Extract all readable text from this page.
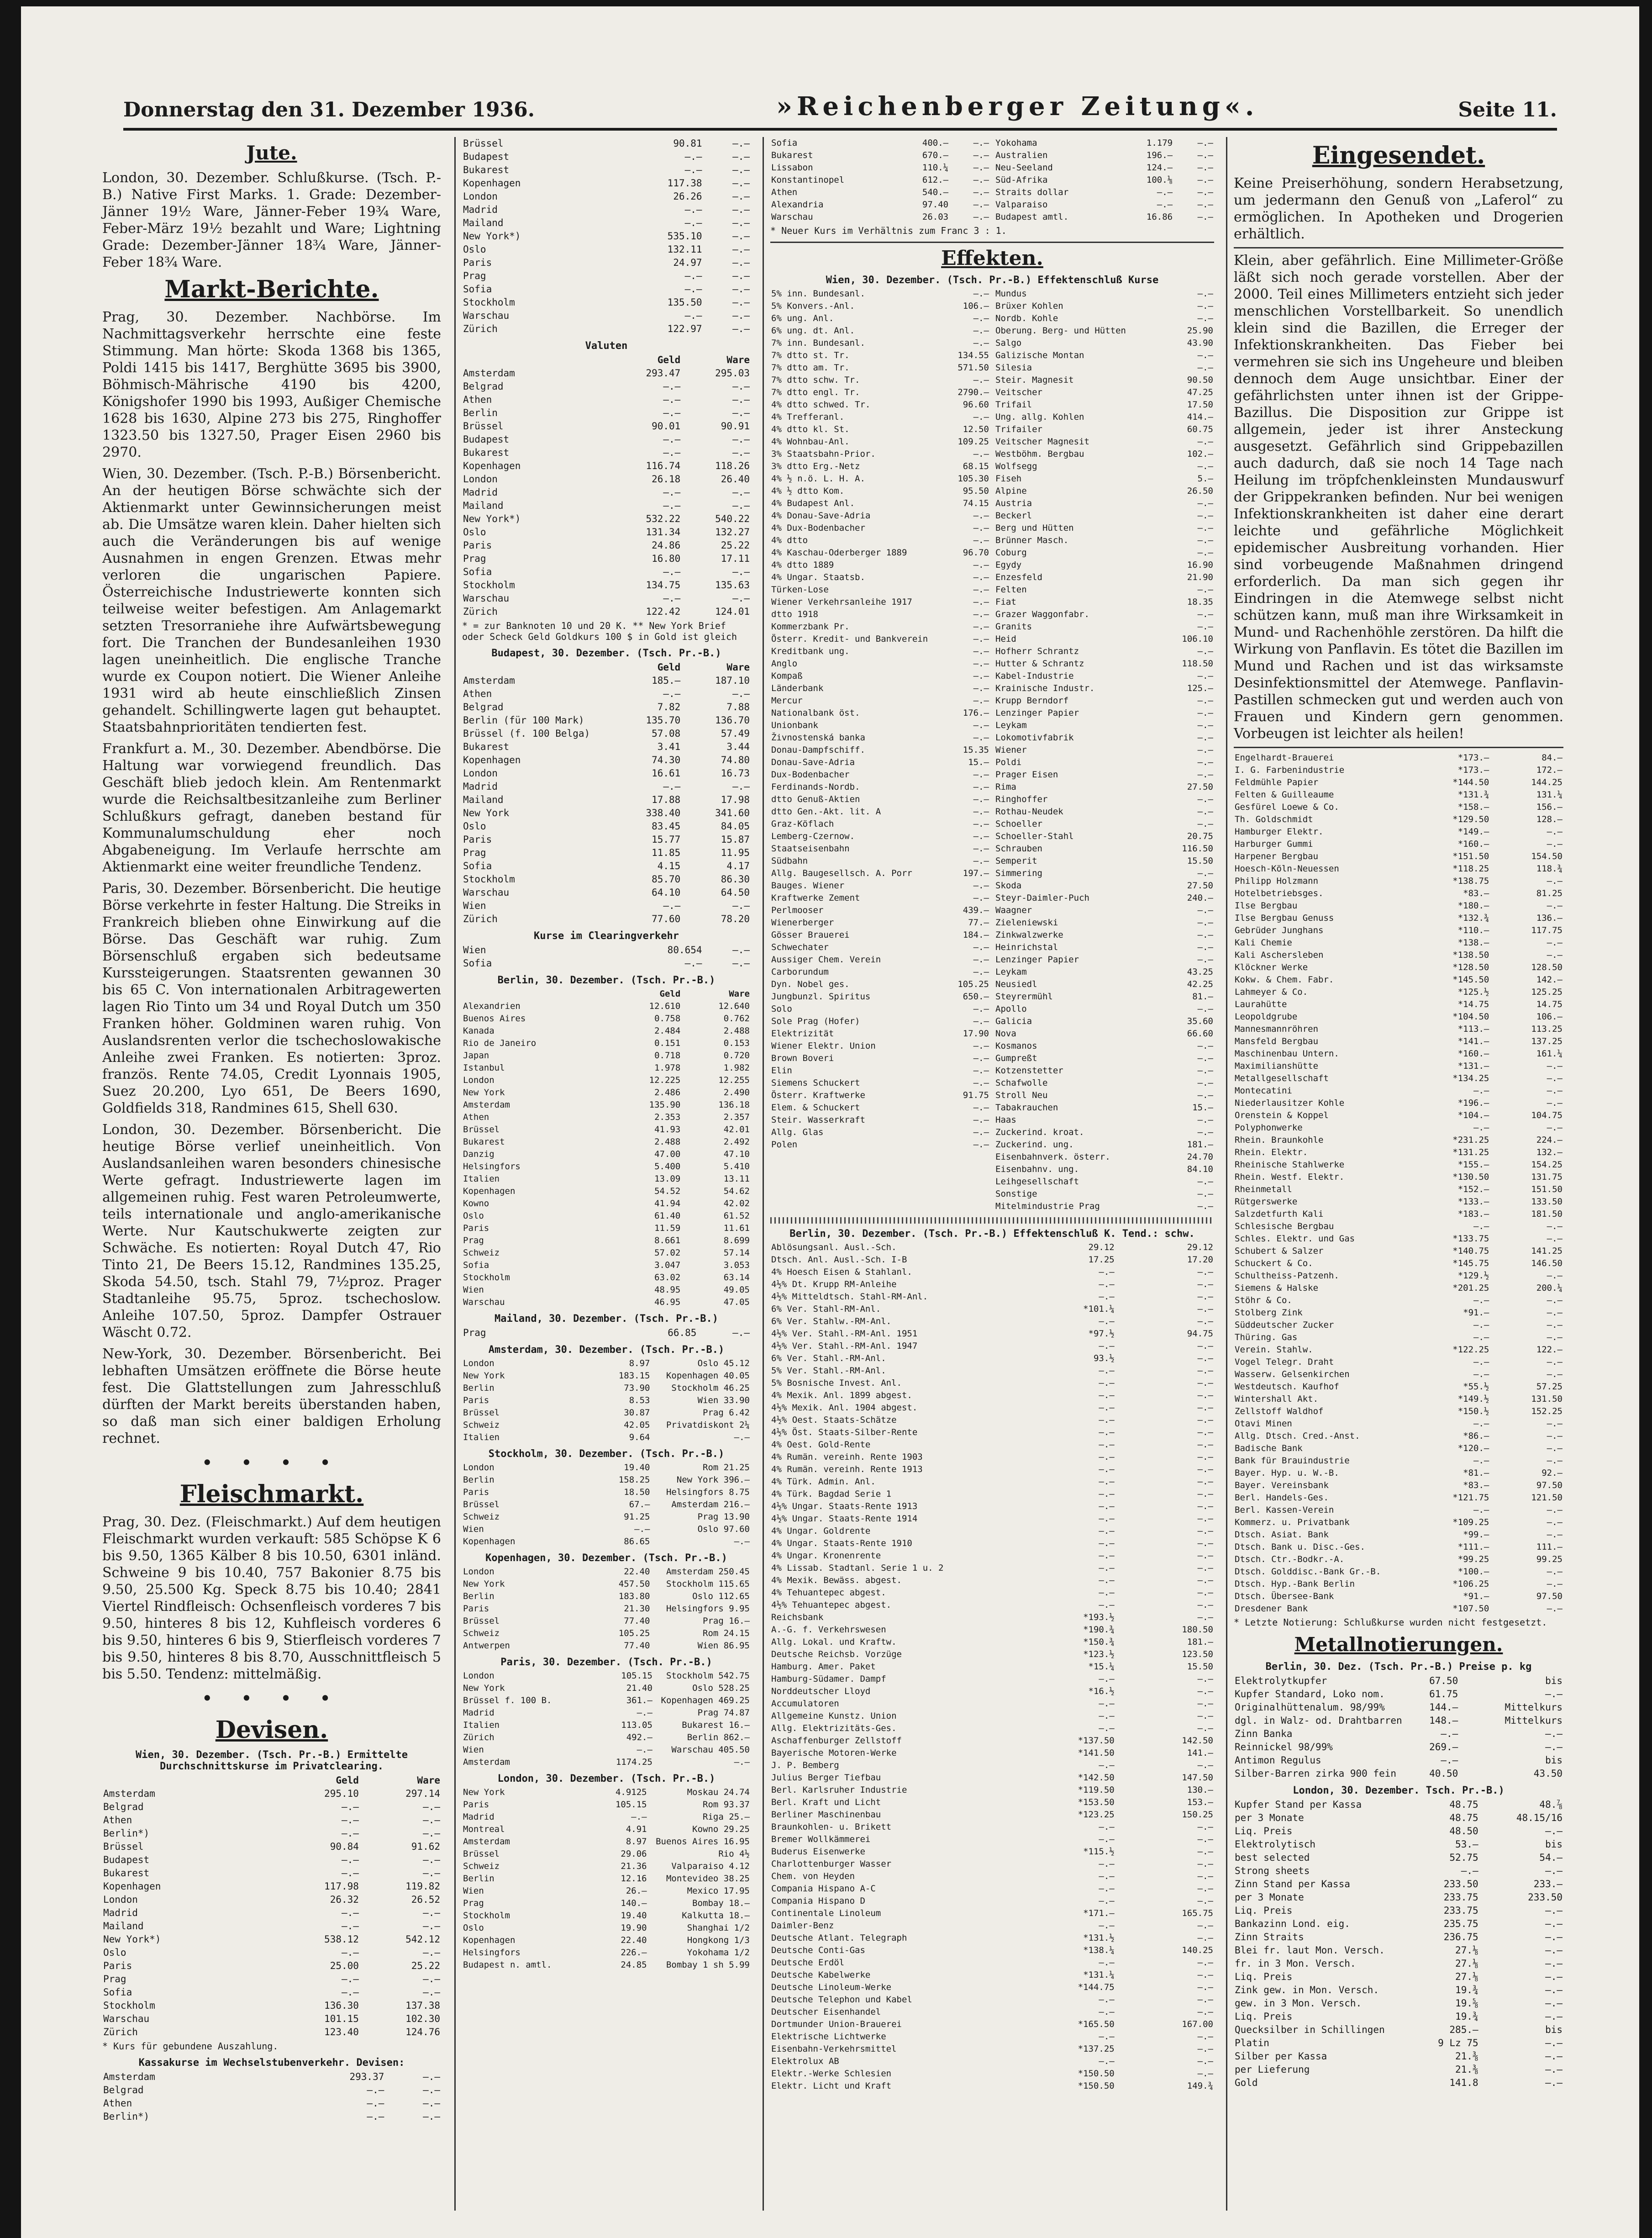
Donnerstag den 31. Dezember 1936.	»Reichenberger Zeitung«.	Seite 11.
Jute.

London, 30. Dezember. Schlußkurse. (Tsch. P.-B.) Native First Marks. 1. Grade: Dezember-Jänner 19½ Ware, Jänner-Feber 19¾ Ware, Feber-März 19½ bezahlt und Ware; Lightning Grade: Dezember-Jänner 18¾ Ware, Jänner-Feber 18¾ Ware.

Markt-Berichte.

Prag, 30. Dezember. Nachbörse. Im Nachmittagsverkehr herrschte eine feste Stimmung. Man hörte: Skoda 1368 bis 1365, Poldi 1415 bis 1417, Berghütte 3695 bis 3900, Böhmisch-Mährische 4190 bis 4200, Königshofer 1990 bis 1993, Außiger Chemische 1628 bis 1630, Alpine 273 bis 275, Ringhoffer 1323.50 bis 1327.50, Prager Eisen 2960 bis 2970.

Wien, 30. Dezember. (Tsch. P.-B.) Börsenbericht. An der heutigen Börse schwächte sich der Aktienmarkt unter Gewinnsicherungen meist ab. Die Umsätze waren klein. Daher hielten sich auch die Veränderungen bis auf wenige Ausnahmen in engen Grenzen. Etwas mehr verloren die ungarischen Papiere. Österreichische Industriewerte konnten sich teilweise weiter befestigen. Am Anlagemarkt setzten Tresorraniehe ihre Aufwärtsbewegung fort. Die Tranchen der Bundesanleihen 1930 lagen uneinheitlich. Die englische Tranche wurde ex Coupon notiert. Die Wiener Anleihe 1931 wird ab heute einschließlich Zinsen gehandelt. Schillingwerte lagen gut behauptet. Staatsbahnprioritäten tendierten fest.

Frankfurt a. M., 30. Dezember. Abendbörse. Die Haltung war vorwiegend freundlich. Das Geschäft blieb jedoch klein. Am Rentenmarkt wurde die Reichsaltbesitzanleihe zum Berliner Schlußkurs gefragt, daneben bestand für Kommunalumschuldung eher noch Abgabeneigung. Im Verlaufe herrschte am Aktienmarkt eine weiter freundliche Tendenz.

Paris, 30. Dezember. Börsenbericht. Die heutige Börse verkehrte in fester Haltung. Die Streiks in Frankreich blieben ohne Einwirkung auf die Börse. Das Geschäft war ruhig. Zum Börsenschluß ergaben sich bedeutsame Kurssteigerungen. Staatsrenten gewannen 30 bis 65 C. Von internationalen Arbitragewerten lagen Rio Tinto um 34 und Royal Dutch um 350 Franken höher. Goldminen waren ruhig. Von Auslandsrenten verlor die tschechoslowakische Anleihe zwei Franken. Es notierten: 3proz. französ. Rente 74.05, Credit Lyonnais 1905, Suez 20.200, Lyo 651, De Beers 1690, Goldfields 318, Randmines 615, Shell 630.

London, 30. Dezember. Börsenbericht. Die heutige Börse verlief uneinheitlich. Von Auslandsanleihen waren besonders chinesische Werte gefragt. Industriewerte lagen im allgemeinen ruhig. Fest waren Petroleumwerte, teils internationale und anglo-amerikanische Werte. Nur Kautschukwerte zeigten zur Schwäche. Es notierten: Royal Dutch 47, Rio Tinto 21, De Beers 15.12, Randmines 135.25, Skoda 54.50, tsch. Stahl 79, 7½proz. Prager Stadtanleihe 95.75, 5proz. tschechoslow. Anleihe 107.50, 5proz. Dampfer Ostrauer Wäscht 0.72.

New-York, 30. Dezember. Börsenbericht. Bei lebhaften Umsätzen eröffnete die Börse heute fest. Die Glattstellungen zum Jahresschluß dürften der Markt bereits überstanden haben, so daß man sich einer baldigen Erholung rechnet.

• • • •
Fleischmarkt.

Prag, 30. Dez. (Fleischmarkt.) Auf dem heutigen Fleischmarkt wurden verkauft: 585 Schöpse K 6 bis 9.50, 1365 Kälber 8 bis 10.50, 6301 inländ. Schweine 9 bis 10.40, 757 Bakonier 8.75 bis 9.50, 25.500 Kg. Speck 8.75 bis 10.40; 2841 Viertel Rindfleisch: Ochsenfleisch vorderes 7 bis 9.50, hinteres 8 bis 12, Kuhfleisch vorderes 6 bis 9.50, hinteres 6 bis 9, Stierfleisch vorderes 7 bis 9.50, hinteres 8 bis 8.70, Ausschnittfleisch 5 bis 5.50. Tendenz: mittelmäßig.

• • • •
Devisen.
Wien, 30. Dezember. (Tsch. Pr.-B.) Ermittelte Durchschnittskurse im Privatclearing.
	Geld	Ware
Amsterdam	295.10	297.14
Belgrad	—.—	—.—
Athen	—.—	—.—
Berlin*)	—.—	—.—
Brüssel	90.84	91.62
Budapest	—.—	—.—
Bukarest	—.—	—.—
Kopenhagen	117.98	119.82
London	26.32	26.52
Madrid	—.—	—.—
Mailand	—.—	—.—
New York*)	538.12	542.12
Oslo	—.—	—.—
Paris	25.00	25.22
Prag	—.—	—.—
Sofia	—.—	—.—
Stockholm	136.30	137.38
Warschau	101.15	102.30
Zürich	123.40	124.76
* Kurs für gebundene Auszahlung.
Kassakurse im Wechselstubenverkehr. Devisen:
Amsterdam	293.37	—.—
Belgrad	—.—	—.—
Athen	—.—	—.—
Berlin*)	—.—	—.—
Brüssel	90.81	—.—
Budapest	—.—	—.—
Bukarest	—.—	—.—
Kopenhagen	117.38	—.—
London	26.26	—.—
Madrid	—.—	—.—
Mailand	—.—	—.—
New York*)	535.10	—.—
Oslo	132.11	—.—
Paris	24.97	—.—
Prag	—.—	—.—
Sofia	—.—	—.—
Stockholm	135.50	—.—
Warschau	—.—	—.—
Zürich	122.97	—.—
Valuten
	Geld	Ware
Amsterdam	293.47	295.03
Belgrad	—.—	—.—
Athen	—.—	—.—
Berlin	—.—	—.—
Brüssel	90.01	90.91
Budapest	—.—	—.—
Bukarest	—.—	—.—
Kopenhagen	116.74	118.26
London	26.18	26.40
Madrid	—.—	—.—
Mailand	—.—	—.—
New York*)	532.22	540.22
Oslo	131.34	132.27
Paris	24.86	25.22
Prag	16.80	17.11
Sofia	—.—	—.—
Stockholm	134.75	135.63
Warschau	—.—	—.—
Zürich	122.42	124.01
* = zur Banknoten 10 und 20 K. ** New York Brief oder Scheck Geld Goldkurs 100 $ in Gold ist gleich
Budapest, 30. Dezember. (Tsch. Pr.-B.)
	Geld	Ware
Amsterdam	185.—	187.10
Athen	—.—	—.—
Belgrad	7.82	7.88
Berlin (für 100 Mark)	135.70	136.70
Brüssel (f. 100 Belga)	57.08	57.49
Bukarest	3.41	3.44
Kopenhagen	74.30	74.80
London	16.61	16.73
Madrid	—.—	—.—
Mailand	17.88	17.98
New York	338.40	341.60
Oslo	83.45	84.05
Paris	15.77	15.87
Prag	11.85	11.95
Sofia	4.15	4.17
Stockholm	85.70	86.30
Warschau	64.10	64.50
Wien	—.—	—.—
Zürich	77.60	78.20
Kurse im Clearingverkehr
Wien	80.654	—.—
Sofia	—.—	—.—
Berlin, 30. Dezember. (Tsch. Pr.-B.)
	Geld	Ware
Alexandrien	12.610	12.640
Buenos Aires	0.758	0.762
Kanada	2.484	2.488
Rio de Janeiro	0.151	0.153
Japan	0.718	0.720
Istanbul	1.978	1.982
London	12.225	12.255
New York	2.486	2.490
Amsterdam	135.90	136.18
Athen	2.353	2.357
Brüssel	41.93	42.01
Bukarest	2.488	2.492
Danzig	47.00	47.10
Helsingfors	5.400	5.410
Italien	13.09	13.11
Kopenhagen	54.52	54.62
Kowno	41.94	42.02
Oslo	61.40	61.52
Paris	11.59	11.61
Prag	8.661	8.699
Schweiz	57.02	57.14
Sofia	3.047	3.053
Stockholm	63.02	63.14
Wien	48.95	49.05
Warschau	46.95	47.05
Mailand, 30. Dezember. (Tsch. Pr.-B.)
Prag	66.85	—.—
Amsterdam, 30. Dezember. (Tsch. Pr.-B.)
London	8.97	Oslo 45.12
New York	183.15	Kopenhagen 40.05
Berlin	73.90	Stockholm 46.25
Paris	8.53	Wien 33.90
Brüssel	30.87	Prag 6.42
Schweiz	42.05	Privatdiskont 2¼
Italien	9.64	—.—
Stockholm, 30. Dezember. (Tsch. Pr.-B.)
London	19.40	Rom 21.25
Berlin	158.25	New York 396.—
Paris	18.50	Helsingfors 8.75
Brüssel	67.—	Amsterdam 216.—
Schweiz	91.25	Prag 13.90
Wien	—.—	Oslo 97.60
Kopenhagen	86.65	—.—
Kopenhagen, 30. Dezember. (Tsch. Pr.-B.)
London	22.40	Amsterdam 250.45
New York	457.50	Stockholm 115.65
Berlin	183.80	Oslo 112.65
Paris	21.30	Helsingfors 9.95
Brüssel	77.40	Prag 16.—
Schweiz	105.25	Rom 24.15
Antwerpen	77.40	Wien 86.95
Paris, 30. Dezember. (Tsch. Pr.-B.)
London	105.15	Stockholm 542.75
New York	21.40	Oslo 528.25
Brüssel f. 100 B.	361.—	Kopenhagen 469.25
Madrid	—.—	Prag 74.87
Italien	113.05	Bukarest 16.—
Zürich	492.—	Berlin 862.—
Wien	—.—	Warschau 405.50
Amsterdam	1174.25	—.—
London, 30. Dezember. (Tsch. Pr.-B.)
New York	4.9125	Moskau 24.74
Paris	105.15	Rom 93.37
Madrid	—.—	Riga 25.—
Montreal	4.91	Kowno 29.25
Amsterdam	8.97	Buenos Aires 16.95
Brüssel	29.06	Rio 4½
Schweiz	21.36	Valparaiso 4.12
Berlin	12.16	Montevideo 38.25
Wien	26.—	Mexico 17.95
Prag	140.—	Bombay 18.—
Stockholm	19.40	Kalkutta 18.—
Oslo	19.90	Shanghai 1/2
Kopenhagen	22.40	Hongkong 1/3
Helsingfors	226.—	Yokohama 1/2
Budapest n. amtl.	24.85	Bombay 1 sh 5.99
Sofia	400.—	—.—
Bukarest	670.—	—.—
Lissabon	110.¼	—.—
Konstantinopel	612.—	—.—
Athen	540.—	—.—
Alexandria	97.40	—.—
Warschau	26.03	—.—
Yokohama	1.179	—.—
Australien	196.—	—.—
Neu-Seeland	124.—	—.—
Süd-Afrika	100.⅛	—.—
Straits dollar	—.—	—.—
Valparaiso	—.—	—.—
Budapest amtl.	16.86	—.—
* Neuer Kurs im Verhältnis zum Franc 3 : 1.
Effekten.
Wien, 30. Dezember. (Tsch. Pr.-B.) Effektenschluß Kurse
5% inn. Bundesanl.	—.—
5% Konvers.-Anl.	106.—
6% ung. Anl.	—.—
6% ung. dt. Anl.	—.—
7% inn. Bundesanl.	—.—
7% dtto st. Tr.	134.55
7% dtto am. Tr.	571.50
7% dtto schw. Tr.	—.—
7% dtto engl. Tr.	2790.—
4% dtto schwed. Tr.	96.60
4% Trefferanl.	—.—
4% dtto kl. St.	12.50
4% Wohnbau-Anl.	109.25
3% Staatsbahn-Prior.	—.—
3% dtto Erg.-Netz	68.15
4% ½ n.ö. L. H. A.	105.30
4% ½ dtto Kom.	95.50
4% Budapest Anl.	74.15
4% Donau-Save-Adria	—.—
4% Dux-Bodenbacher	—.—
4% dtto	—.—
4% Kaschau-Oderberger 1889	96.70
4% dtto 1889	—.—
4% Ungar. Staatsb.	—.—
Türken-Lose	—.—
Wiener Verkehrsanleihe 1917	—.—
dtto 1918	—.—
Kommerzbank Pr.	—.—
Österr. Kredit- und Bankverein	—.—
Kreditbank ung.	—.—
Anglo	—.—
Kompaß	—.—
Länderbank	—.—
Mercur	—.—
Nationalbank öst.	176.—
Unionbank	—.—
Živnostenská banka	—.—
Donau-Dampfschiff.	15.35
Donau-Save-Adria	15.—
Dux-Bodenbacher	—.—
Ferdinands-Nordb.	—.—
dtto Genuß-Aktien	—.—
dtto Gen.-Akt. lit. A	—.—
Graz-Köflach	—.—
Lemberg-Czernow.	—.—
Staatseisenbahn	—.—
Südbahn	—.—
Allg. Baugesellsch. A. Porr	197.—
Bauges. Wiener	—.—
Kraftwerke Zement	—.—
Perlmooser	439.—
Wienerberger	77.—
Gösser Brauerei	184.—
Schwechater	—.—
Aussiger Chem. Verein	—.—
Carborundum	—.—
Dyn. Nobel ges.	105.25
Jungbunzl. Spiritus	650.—
Solo	—.—
Sole Prag (Hofer)	—.—
Elektrizität	17.90
Wiener Elektr. Union	—.—
Brown Boveri	—.—
Elin	—.—
Siemens Schuckert	—.—
Österr. Kraftwerke	91.75
Elem. & Schuckert	—.—
Steir. Wasserkraft	—.—
Allg. Glas	—.—
Polen	—.—
Mundus	—.—
Brüxer Kohlen	—.—
Nordb. Kohle	—.—
Oberung. Berg- und Hütten	25.90
Salgo	43.90
Galizische Montan	—.—
Silesia	—.—
Steir. Magnesit	90.50
Veitscher	47.25
Trifail	17.50
Ung. allg. Kohlen	414.—
Trifailer	60.75
Veitscher Magnesit	—.—
Westböhm. Bergbau	102.—
Wolfsegg	—.—
Fiseh	5.—
Alpine	26.50
Austria	—.—
Beckerl	—.—
Berg und Hütten	—.—
Brünner Masch.	—.—
Coburg	—.—
Egydy	16.90
Enzesfeld	21.90
Felten	—.—
Fiat	18.35
Grazer Waggonfabr.	—.—
Granits	—.—
Heid	106.10
Hofherr Schrantz	—.—
Hutter & Schrantz	118.50
Kabel-Industrie	—.—
Krainische Industr.	125.—
Krupp Berndorf	—.—
Lenzinger Papier	—.—
Leykam	—.—
Lokomotivfabrik	—.—
Wiener	—.—
Poldi	—.—
Prager Eisen	—.—
Rima	27.50
Ringhoffer	—.—
Rothau-Neudek	—.—
Schoeller	—.—
Schoeller-Stahl	20.75
Schrauben	116.50
Semperit	15.50
Simmering	—.—
Skoda	27.50
Steyr-Daimler-Puch	240.—
Waagner	—.—
Zieleniewski	—.—
Zinkwalzwerke	—.—
Heinrichstal	—.—
Lenzinger Papier	—.—
Leykam	43.25
Neusiedl	42.25
Steyrermühl	81.—
Apollo	—.—
Galicia	35.60
Nova	66.60
Kosmanos	—.—
Gumpreßt	—.—
Kotzenstetter	—.—
Schafwolle	—.—
Stroll Neu	—.—
Tabakrauchen	15.—
Haas	—.—
Zuckerind. kroat.	—.—
Zuckerind. ung.	181.—
Eisenbahnverk. österr.	24.70
Eisenbahnv. ung.	84.10
Leihgesellschaft	—.—
Sonstige	—.—
Mitelmindustrie Prag	—.—
Berlin, 30. Dezember. (Tsch. Pr.-B.) Effektenschluß K. Tend.: schw.
Ablösungsanl. Ausl.-Sch.	29.12	29.12
Dtsch. Anl. Ausl.-Sch. I-B	17.25	17.20
4% Hoesch Eisen & Stahlanl.	—.—	—.—
4½% Dt. Krupp RM-Anleihe	—.—	—.—
4½% Mitteldtsch. Stahl-RM-Anl.	—.—	—.—
6% Ver. Stahl-RM-Anl.	*101.¼	—.—
6% Ver. Stahlw.-RM-Anl.	—.—	—.—
4½% Ver. Stahl.-RM-Anl. 1951	*97.½	94.75
4½% Ver. Stahl.-RM-Anl. 1947	—.—	—.—
6% Ver. Stahl.-RM-Anl.	93.½	—.—
5% Ver. Stahl.-RM-Anl.	—.—	—.—
5% Bosnische Invest. Anl.	—.—	—.—
4% Mexik. Anl. 1899 abgest.	—.—	—.—
4½% Mexik. Anl. 1904 abgest.	—.—	—.—
4½% Oest. Staats-Schätze	—.—	—.—
4½% Öst. Staats-Silber-Rente	—.—	—.—
4% Oest. Gold-Rente	—.—	—.—
4% Rumän. vereinh. Rente 1903	—.—	—.—
4% Rumän. vereinh. Rente 1913	—.—	—.—
4% Türk. Admin. Anl.	—.—	—.—
4% Türk. Bagdad Serie 1	—.—	—.—
4½% Ungar. Staats-Rente 1913	—.—	—.—
4½% Ungar. Staats-Rente 1914	—.—	—.—
4% Ungar. Goldrente	—.—	—.—
4% Ungar. Staats-Rente 1910	—.—	—.—
4% Ungar. Kronenrente	—.—	—.—
4% Lissab. Stadtanl. Serie 1 u. 2	—.—	—.—
4% Mexik. Bewäss. abgest.	—.—	—.—
4% Tehuantepec abgest.	—.—	—.—
4½% Tehuantepec abgest.	—.—	—.—
Reichsbank	*193.½	—.—
A.-G. f. Verkehrswesen	*190.¾	180.50
Allg. Lokal. und Kraftw.	*150.¾	181.—
Deutsche Reichsb. Vorzüge	*123.½	123.50
Hamburg. Amer. Paket	*15.¼	15.50
Hamburg-Südamer. Dampf	—.—	—.—
Norddeutscher Lloyd	*16.½	—.—
Accumulatoren	—.—	—.—
Allgemeine Kunstz. Union	—.—	—.—
Allg. Elektrizitäts-Ges.	—.—	—.—
Aschaffenburger Zellstoff	*137.50	142.50
Bayerische Motoren-Werke	*141.50	141.—
J. P. Bemberg	—.—	—.—
Julius Berger Tiefbau	*142.50	147.50
Berl. Karlsruher Industrie	*119.50	130.—
Berl. Kraft und Licht	*153.50	153.—
Berliner Maschinenbau	*123.25	150.25
Braunkohlen- u. Brikett	—.—	—.—
Bremer Wollkämmerei	—.—	—.—
Buderus Eisenwerke	*115.½	—.—
Charlottenburger Wasser	—.—	—.—
Chem. von Heyden	—.—	—.—
Compania Hispano A-C	—.—	—.—
Compania Hispano D	—.—	—.—
Continentale Linoleum	*171.—	165.75
Daimler-Benz	—.—	—.—
Deutsche Atlant. Telegraph	*131.½	—.—
Deutsche Conti-Gas	*138.¼	140.25
Deutsche Erdöl	—.—	—.—
Deutsche Kabelwerke	*131.¼	—.—
Deutsche Linoleum-Werke	*144.75	—.—
Deutsche Telephon und Kabel	—.—	—.—
Deutscher Eisenhandel	—.—	—.—
Dortmunder Union-Brauerei	*165.50	167.00
Elektrische Lichtwerke	—.—	—.—
Eisenbahn-Verkehrsmittel	*137.25	—.—
Elektrolux AB	—.—	—.—
Elektr.-Werke Schlesien	*150.50	—.—
Elektr. Licht und Kraft	*150.50	149.¾
Eingesendet.

Keine Preiserhöhung, sondern Herabsetzung, um jedermann den Genuß von „Laferol“ zu ermöglichen. In Apotheken und Drogerien erhältlich.

Klein, aber gefährlich. Eine Millimeter-Größe läßt sich noch gerade vorstellen. Aber der 2000. Teil eines Millimeters entzieht sich jeder menschlichen Vorstellbarkeit. So unendlich klein sind die Bazillen, die Erreger der Infektionskrankheiten. Das Fieber bei vermehren sie sich ins Ungeheure und bleiben dennoch dem Auge unsichtbar. Einer der gefährlichsten unter ihnen ist der Grippe-Bazillus. Die Disposition zur Grippe ist allgemein, jeder ist ihrer Ansteckung ausgesetzt. Gefährlich sind Grippebazillen auch dadurch, daß sie noch 14 Tage nach Heilung im tröpfchenkleinsten Mundauswurf der Grippekranken befinden. Nur bei wenigen Infektionskrankheiten ist daher eine derart leichte und gefährliche Möglichkeit epidemischer Ausbreitung vorhanden. Hier sind vorbeugende Maßnahmen dringend erforderlich. Da man sich gegen ihr Eindringen in die Atemwege selbst nicht schützen kann, muß man ihre Wirksamkeit in Mund- und Rachenhöhle zerstören. Da hilft die Wirkung von Panflavin. Es tötet die Bazillen im Mund und Rachen und ist das wirksamste Desinfektionsmittel der Atemwege. Panflavin-Pastillen schmecken gut und werden auch von Frauen und Kindern gern genommen. Vorbeugen ist leichter als heilen!

Engelhardt-Brauerei	*173.—	84.—
I. G. Farbenindustrie	*173.—	172.—
Feldmühle Papier	*144.50	144.25
Felten & Guilleaume	*131.¾	131.¼
Gesfürel Loewe & Co.	*158.—	156.—
Th. Goldschmidt	*129.50	128.—
Hamburger Elektr.	*149.—	—.—
Harburger Gummi	*160.—	—.—
Harpener Bergbau	*151.50	154.50
Hoesch-Köln-Neuessen	*118.25	118.¾
Philipp Holzmann	*138.75	—.—
Hotelbetriebsges.	*83.—	81.25
Ilse Bergbau	*180.—	—.—
Ilse Bergbau Genuss	*132.¾	136.—
Gebrüder Junghans	*110.—	117.75
Kali Chemie	*138.—	—.—
Kali Aschersleben	*138.50	—.—
Klöckner Werke	*128.50	128.50
Kokw. & Chem. Fabr.	*145.50	142.—
Lahmeyer & Co.	*125.½	125.25
Laurahütte	*14.75	14.75
Leopoldgrube	*104.50	106.—
Mannesmannröhren	*113.—	113.25
Mansfeld Bergbau	*141.—	137.25
Maschinenbau Untern.	*160.—	161.¼
Maximilianshütte	*131.—	—.—
Metallgesellschaft	*134.25	—.—
Montecatini	—.—	—.—
Niederlausitzer Kohle	*196.—	—.—
Orenstein & Koppel	*104.—	104.75
Polyphonwerke	—.—	—.—
Rhein. Braunkohle	*231.25	224.—
Rhein. Elektr.	*131.25	132.—
Rheinische Stahlwerke	*155.—	154.25
Rhein. Westf. Elektr.	*130.50	131.75
Rheinmetall	*152.—	151.50
Rütgerswerke	*133.—	133.50
Salzdetfurth Kali	*183.—	181.50
Schlesische Bergbau	—.—	—.—
Schles. Elektr. und Gas	*133.75	—.—
Schubert & Salzer	*140.75	141.25
Schuckert & Co.	*145.75	146.50
Schultheiss-Patzenh.	*129.½	—.—
Siemens & Halske	*201.25	200.¼
Stöhr & Co.	—.—	—.—
Stolberg Zink	*91.—	—.—
Süddeutscher Zucker	—.—	—.—
Thüring. Gas	—.—	—.—
Verein. Stahlw.	*122.25	122.—
Vogel Telegr. Draht	—.—	—.—
Wasserw. Gelsenkirchen	—.—	—.—
Westdeutsch. Kaufhof	*55.½	57.25
Wintershall Akt.	*149.½	131.50
Zellstoff Waldhof	*150.½	152.25
Otavi Minen	—.—	—.—
Allg. Dtsch. Cred.-Anst.	*86.—	—.—
Badische Bank	*120.—	—.—
Bank für Brauindustrie	—.—	—.—
Bayer. Hyp. u. W.-B.	*81.—	92.—
Bayer. Vereinsbank	*83.—	97.50
Berl. Handels-Ges.	*121.75	121.50
Berl. Kassen-Verein	—.—	—.—
Kommerz. u. Privatbank	*109.25	—.—
Dtsch. Asiat. Bank	*99.—	—.—
Dtsch. Bank u. Disc.-Ges.	*111.—	111.—
Dtsch. Ctr.-Bodkr.-A.	*99.25	99.25
Dtsch. Golddisc.-Bank Gr.-B.	*100.—	—.—
Dtsch. Hyp.-Bank Berlin	*106.25	—.—
Dtsch. Übersee-Bank	*91.—	97.50
Dresdener Bank	*107.50	—.—
* Letzte Notierung: Schlußkurse wurden nicht festgesetzt.
Metallnotierungen.
Berlin, 30. Dez. (Tsch. Pr.-B.) Preise p. kg
Elektrolytkupfer	67.50	bis
Kupfer Standard, Loko nom.	61.75	—.—
Originalhüttenalum. 98/99%	144.—	Mittelkurs
dgl. in Walz- od. Drahtbarren	148.—	Mittelkurs
Zinn Banka	—.—	—.—
Reinnickel 98/99%	269.—	—.—
Antimon Regulus	—.—	bis
Silber-Barren zirka 900 fein	40.50	43.50
London, 30. Dezember. Tsch. Pr.-B.)
Kupfer Stand per Kassa	48.75	48.⅞
per 3 Monate	48.75	48.15/16
Liq. Preis	48.50	—.—
Elektrolytisch	53.—	bis
best selected	52.75	54.—
Strong sheets	—.—	—.—
Zinn Stand per Kassa	233.50	233.—
per 3 Monate	233.75	233.50
Liq. Preis	233.75	—.—
Bankazinn Lond. eig.	235.75	—.—
Zinn Straits	236.75	—.—
Blei fr. laut Mon. Versch.	27.⅛	—.—
fr. in 3 Mon. Versch.	27.⅛	—.—
Liq. Preis	27.⅛	—.—
Zink gew. in Mon. Versch.	19.¾	—.—
gew. in 3 Mon. Versch.	19.⅝	—.—
Liq. Preis	19.¾	—.—
Quecksilber in Schillingen	285.—	bis
Platin	9 Lz 75	—.—
Silber per Kassa	21.⅜	—.—
per Lieferung	21.⅜	—.—
Gold	141.8	—.—
